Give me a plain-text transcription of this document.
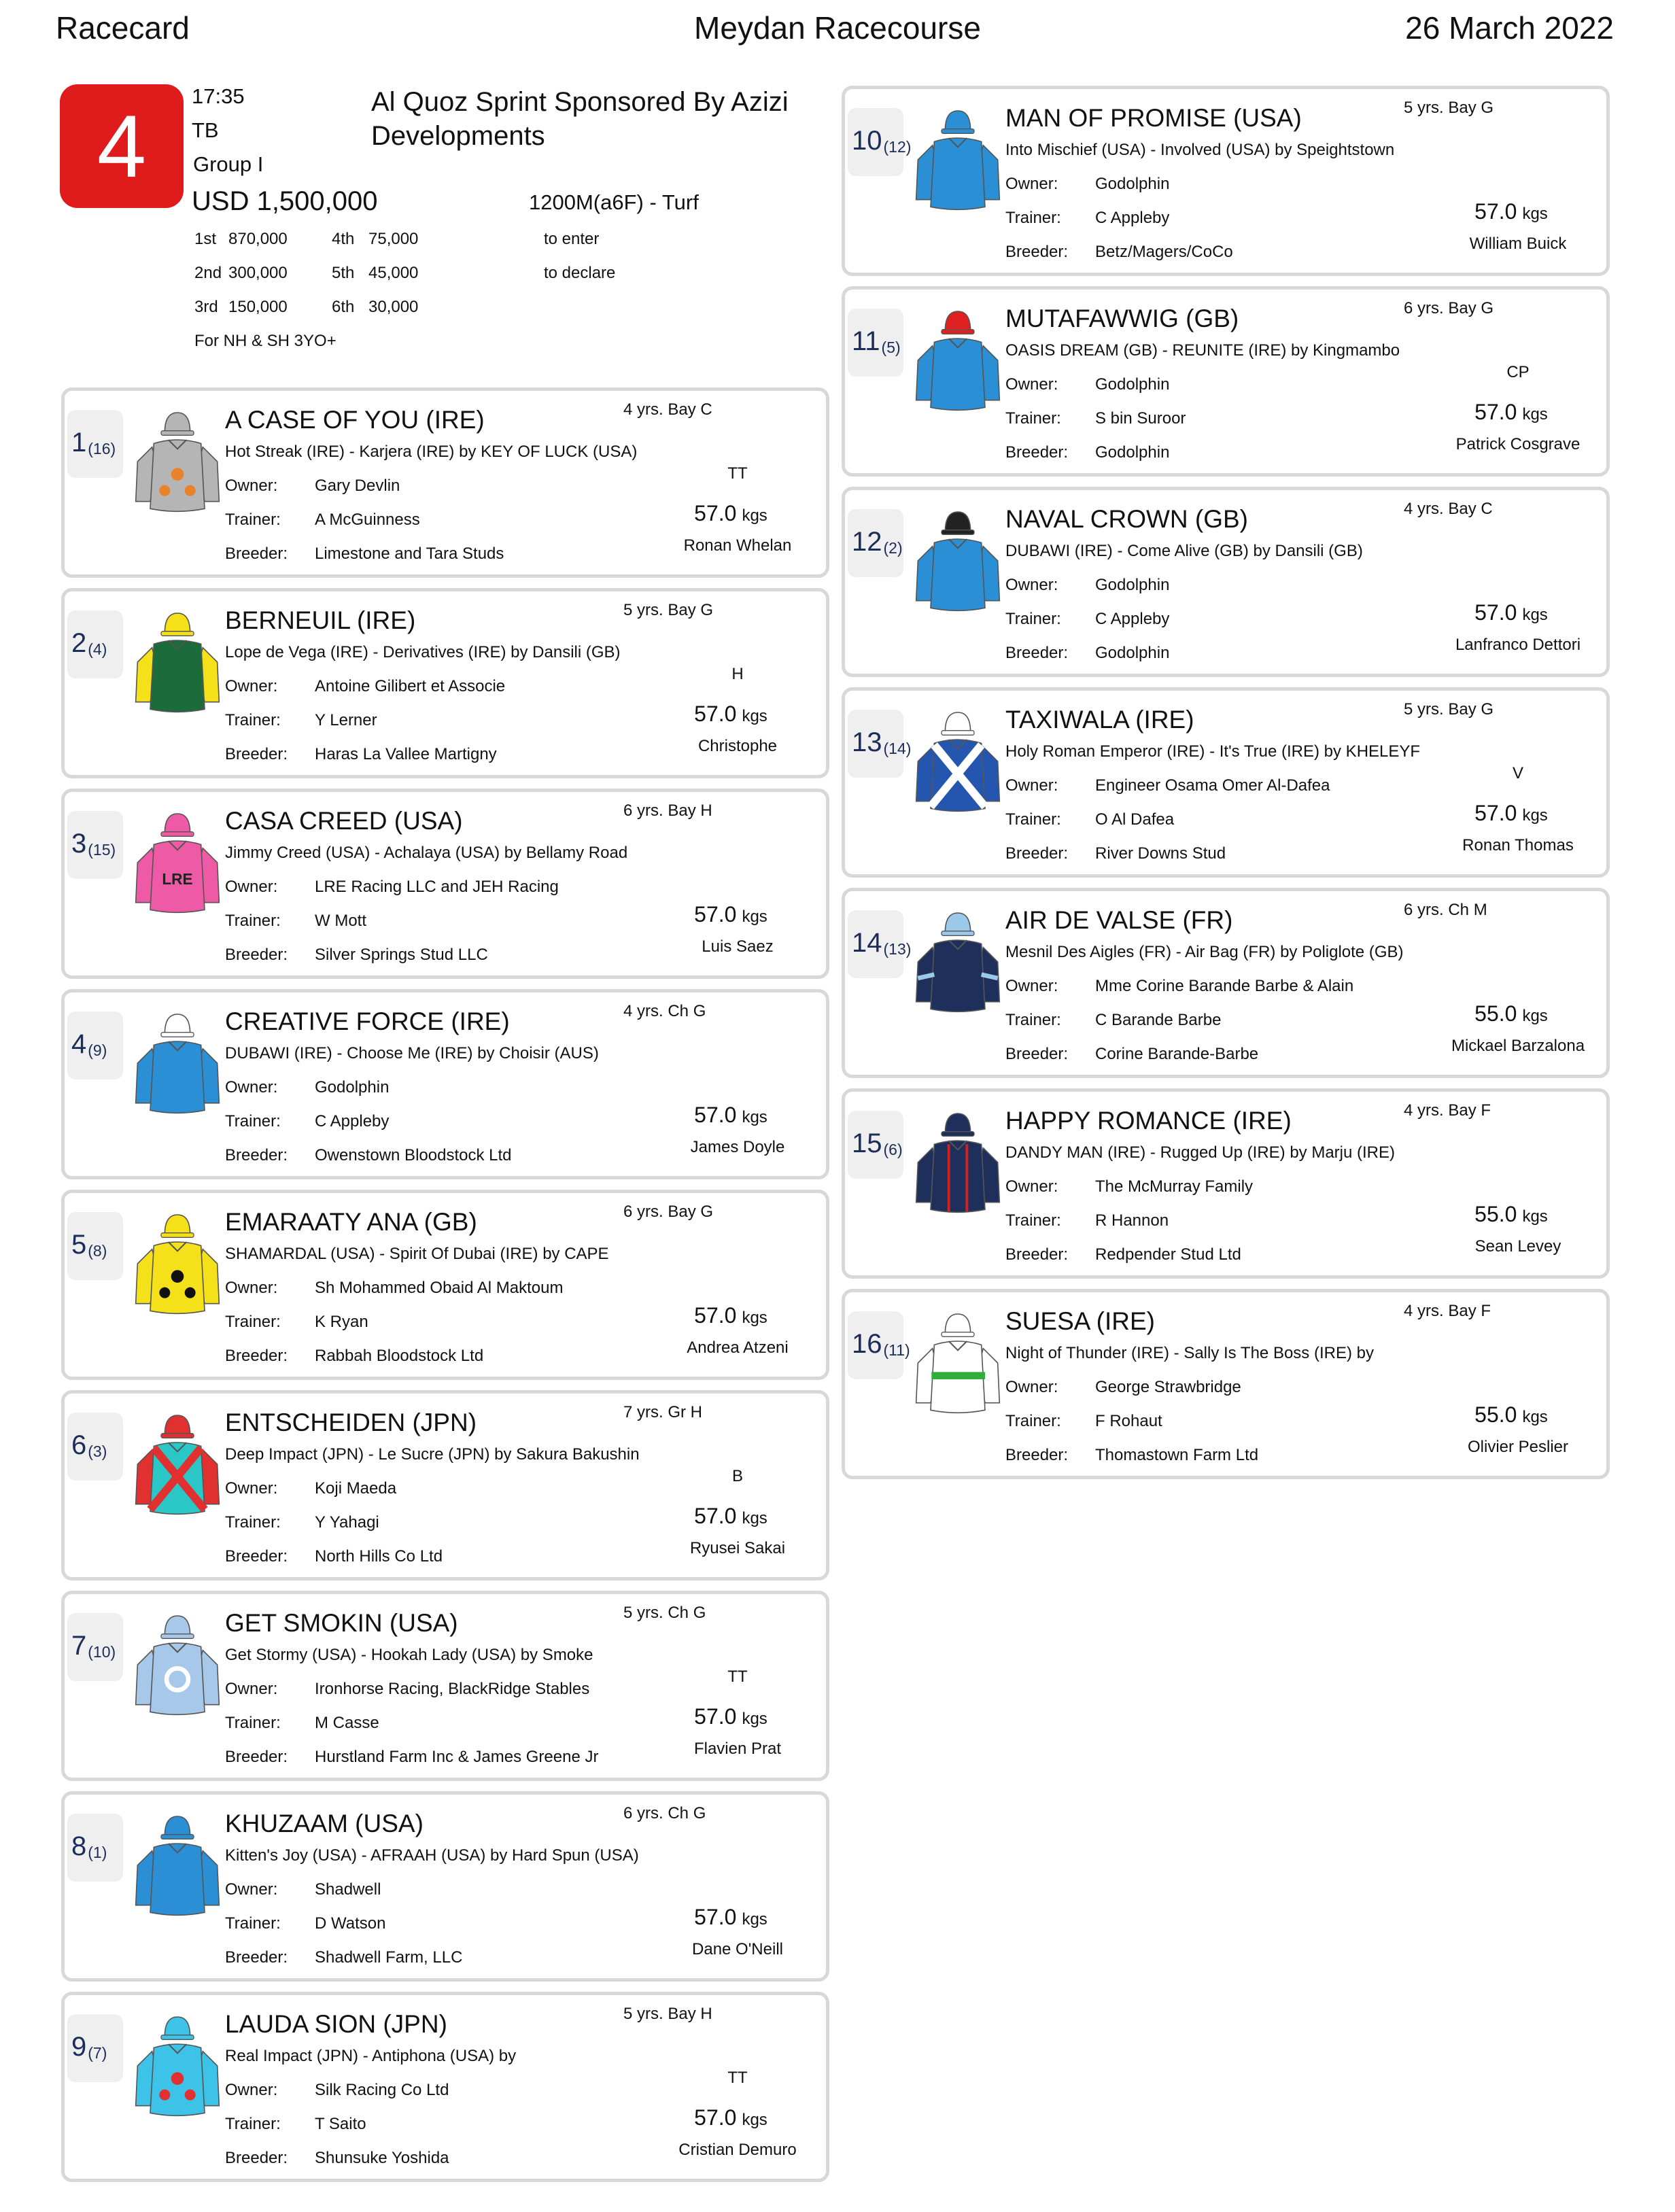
Racecard	Meydan Racecourse	26 March 2022
4
17:35
TB
Group I
Al Quoz Sprint Sponsored By Azizi
Developments
USD 1,500,000	1200M(a6F) - Turf
1st 870,000
2nd 300,000
3rd 150,000
4th 75,000
5th 45,000
6th 30,000
to enter
to declare
For NH & SH 3YO+
$1_{(16)}$
A CASE OF YOU (IRE)	4 yrs. Bay C
Hot Streak (IRE) - Karjera (IRE) by KEY OF LUCK (USA)
Owner: Gary Devlin
Trainer: A McGuinness
Breeder: Limestone and Tara Studs
TT
57.0 kgs
Ronan Whelan
$2_{(4)}$
BERNEUIL (IRE)	5 yrs. Bay G
Lope de Vega (IRE) - Derivatives (IRE) by Dansili (GB)
Owner: Antoine Gilibert et Associe
Trainer: Y Lerner
Breeder: Haras La Vallee Martigny
H
57.0 kgs
Christophe
$3_{(15)}$
LRE
CASA CREED (USA)	6 yrs. Bay H
Jimmy Creed (USA) - Achalaya (USA) by Bellamy Road
Owner: LRE Racing LLC and JEH Racing
Trainer: W Mott
Breeder: Silver Springs Stud LLC
57.0 kgs
Luis Saez
$4_{(9)}$
CREATIVE FORCE (IRE)	4 yrs. Ch G
DUBAWI (IRE) - Choose Me (IRE) by Choisir (AUS)
Owner: Godolphin
Trainer: C Appleby
Breeder: Owenstown Bloodstock Ltd
57.0 kgs
James Doyle
$5_{(8)}$
EMARAATY ANA (GB)	6 yrs. Bay G
SHAMARDAL (USA) - Spirit Of Dubai (IRE) by CAPE
Owner: Sh Mohammed Obaid Al Maktoum
Trainer: K Ryan
Breeder: Rabbah Bloodstock Ltd
57.0 kgs
Andrea Atzeni
$6_{(3)}$
ENTSCHEIDEN (JPN)	7 yrs. Gr H
Deep Impact (JPN) - Le Sucre (JPN) by Sakura Bakushin
Owner: Koji Maeda
Trainer: Y Yahagi
Breeder: North Hills Co Ltd
B
57.0 kgs
Ryusei Sakai
$7_{(10)}$
GET SMOKIN (USA)	5 yrs. Ch G
Get Stormy (USA) - Hookah Lady (USA) by Smoke
Owner: Ironhorse Racing, BlackRidge Stables
Trainer: M Casse
Breeder: Hurstland Farm Inc & James Greene Jr
TT
57.0 kgs
Flavien Prat
$8_{(1)}$
KHUZAAM (USA)	6 yrs. Ch G
Kitten's Joy (USA) - AFRAAH (USA) by Hard Spun (USA)
Owner: Shadwell
Trainer: D Watson
Breeder: Shadwell Farm, LLC
57.0 kgs
Dane O'Neill
$9_{(7)}$
LAUDA SION (JPN)	5 yrs. Bay H
Real Impact (JPN) - Antiphona (USA) by
Owner: Silk Racing Co Ltd
Trainer: T Saito
Breeder: Shunsuke Yoshida
TT
57.0 kgs
Cristian Demuro
$10_{(12)}$
MAN OF PROMISE (USA)	5 yrs. Bay G
Into Mischief (USA) - Involved (USA) by Speightstown
Owner: Godolphin
Trainer: C Appleby
Breeder: Betz/Magers/CoCo
57.0 kgs
William Buick
$11_{(5)}$
MUTAFAWWIG (GB)	6 yrs. Bay G
OASIS DREAM (GB) - REUNITE (IRE) by Kingmambo
Owner: Godolphin
Trainer: S bin Suroor
Breeder: Godolphin
CP
57.0 kgs
Patrick Cosgrave
$12_{(2)}$
NAVAL CROWN (GB)	4 yrs. Bay C
DUBAWI (IRE) - Come Alive (GB) by Dansili (GB)
Owner: Godolphin
Trainer: C Appleby
Breeder: Godolphin
57.0 kgs
Lanfranco Dettori
$13_{(14)}$
TAXIWALA (IRE)	5 yrs. Bay G
Holy Roman Emperor (IRE) - It's True (IRE) by KHELEYF
Owner: Engineer Osama Omer Al-Dafea
Trainer: O Al Dafea
Breeder: River Downs Stud
V
57.0 kgs
Ronan Thomas
$14_{(13)}$
AIR DE VALSE (FR)	6 yrs. Ch M
Mesnil Des Aigles (FR) - Air Bag (FR) by Poliglote (GB)
Owner: Mme Corine Barande Barbe & Alain
Trainer: C Barande Barbe
Breeder: Corine Barande-Barbe
55.0 kgs
Mickael Barzalona
$15_{(6)}$
HAPPY ROMANCE (IRE)	4 yrs. Bay F
DANDY MAN (IRE) - Rugged Up (IRE) by Marju (IRE)
Owner: The McMurray Family
Trainer: R Hannon
Breeder: Redpender Stud Ltd
55.0 kgs
Sean Levey
$16_{(11)}$
SUESA (IRE)	4 yrs. Bay F
Night of Thunder (IRE) - Sally Is The Boss (IRE) by
Owner: George Strawbridge
Trainer: F Rohaut
Breeder: Thomastown Farm Ltd
55.0 kgs
Olivier Peslier
